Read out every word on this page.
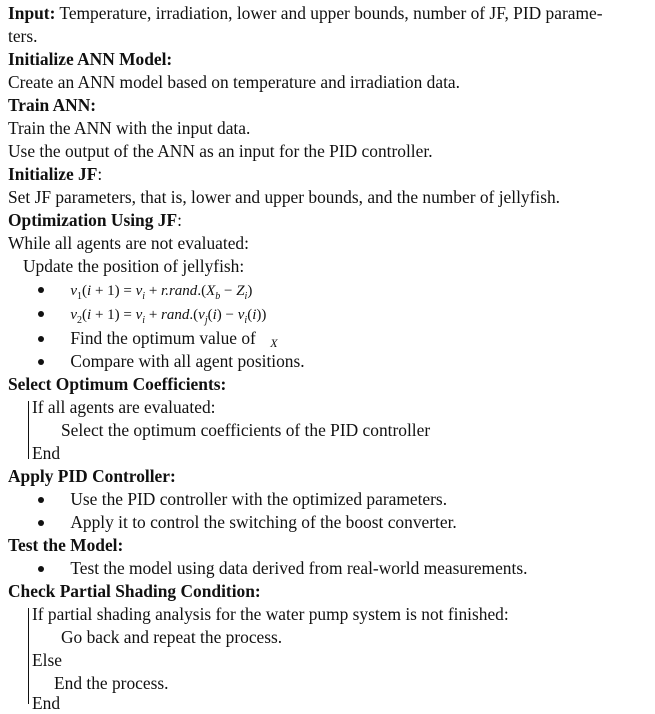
Input: Temperature, irradiation, lower and upper bounds, number of JF, PID parame-
ters.
Initialize ANN Model:
Create an ANN model based on temperature and irradiation data.
Train ANN:
Train the ANN with the input data.
Use the output of the ANN as an input for the PID controller.
Initialize JF:
Set JF parameters, that is, lower and upper bounds, and the number of jellyfish.
Optimization Using JF:
While all agents are not evaluated:
Update the position of jellyfish:
$v_1(i + 1) = v_i$ + $r.rand.(X_b - Z_i)$
$v_2(i + 1) = v_i$ + $rand.(v_j(i) - v_i(i))$
Find the optimum value of X
Compare with all agent positions.
Select Optimum Coefficients:
If all agents are evaluated:
Select the optimum coefficients of the PID controller
End
Apply PID Controller:
Use the PID controller with the optimized parameters.
Apply it to control the switching of the boost converter.
Test the Model:
Test the model using data derived from real-world measurements.
Check Partial Shading Condition:
If partial shading analysis for the water pump system is not finished:
Go back and repeat the process.
Else
End the process.
End
